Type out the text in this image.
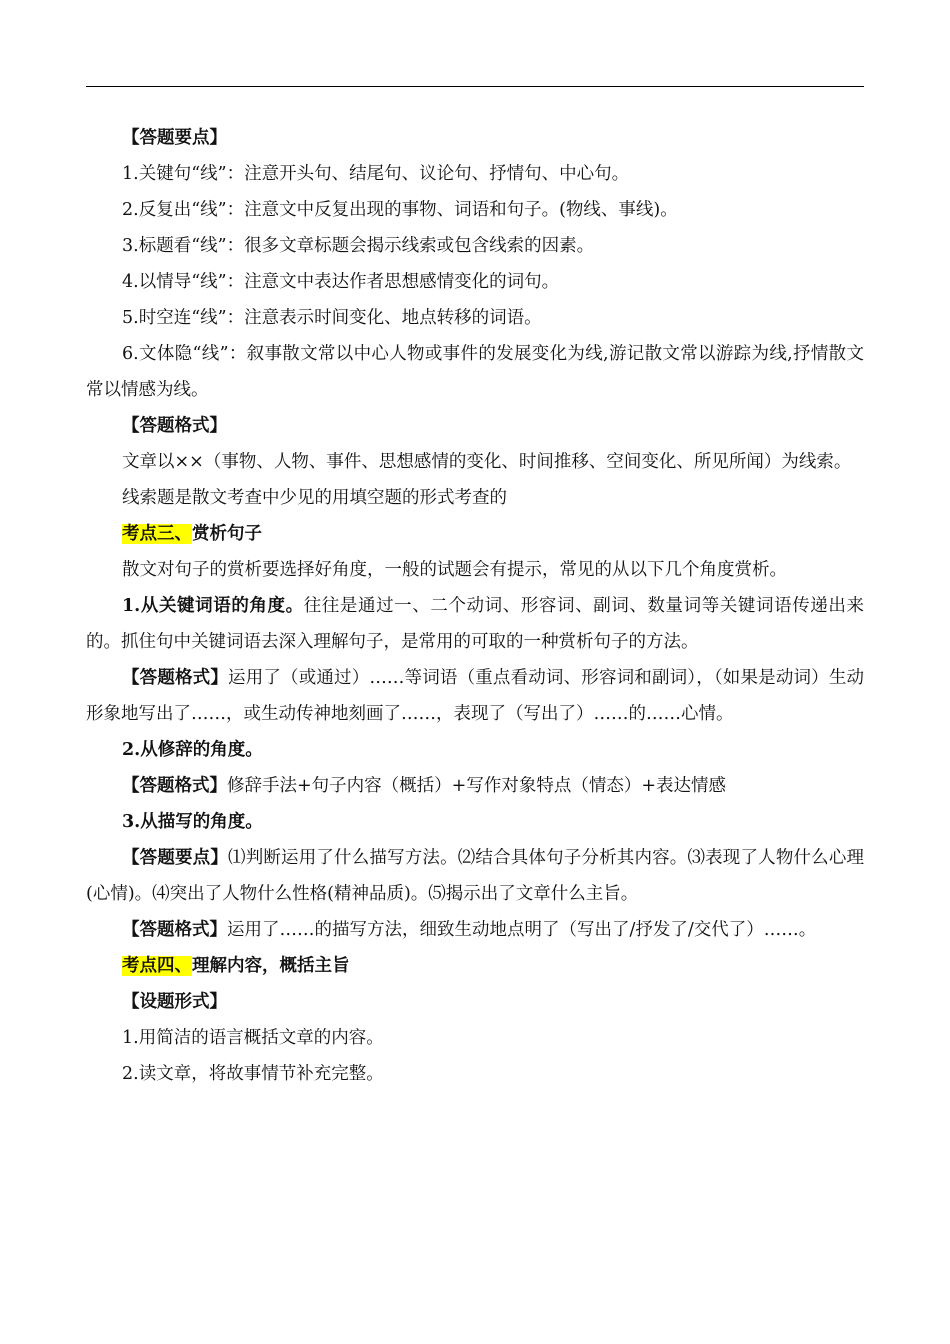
【答题要点】

1.关键句“线”：注意开头句、结尾句、议论句、抒情句、中心句。

2.反复出“线”：注意文中反复出现的事物、词语和句子。(物线、事线)。

3.标题看“线”：很多文章标题会揭示线索或包含线索的因素。

4.以情导“线”：注意文中表达作者思想感情变化的词句。

5.时空连“线”：注意表示时间变化、地点转移的词语。

6.文体隐“线”：叙事散文常以中心人物或事件的发展变化为线,游记散文常以游踪为线,抒情散文常以情感为线。

【答题格式】

文章以××（事物、人物、事件、思想感情的变化、时间推移、空间变化、所见所闻）为线索。

线索题是散文考查中少见的用填空题的形式考查的

考点三、赏析句子

散文对句子的赏析要选择好角度，一般的试题会有提示，常见的从以下几个角度赏析。

1.从关键词语的角度。往往是通过一、二个动词、形容词、副词、数量词等关键词语传递出来的。抓住句中关键词语去深入理解句子，是常用的可取的一种赏析句子的方法。

【答题格式】运用了（或通过）……等词语（重点看动词、形容词和副词），（如果是动词）生动形象地写出了……，或生动传神地刻画了……，表现了（写出了）……的……心情。

2.从修辞的角度。

【答题格式】修辞手法+句子内容（概括）+写作对象特点（情态）+表达情感

3.从描写的角度。

【答题要点】⑴判断运用了什么描写方法。⑵结合具体句子分析其内容。⑶表现了人物什么心理(心情)。⑷突出了人物什么性格(精神品质)。⑸揭示出了文章什么主旨。

【答题格式】运用了……的描写方法，细致生动地点明了（写出了/抒发了/交代了）……。

考点四、理解内容，概括主旨

【设题形式】

1.用简洁的语言概括文章的内容。

2.读文章，将故事情节补充完整。
